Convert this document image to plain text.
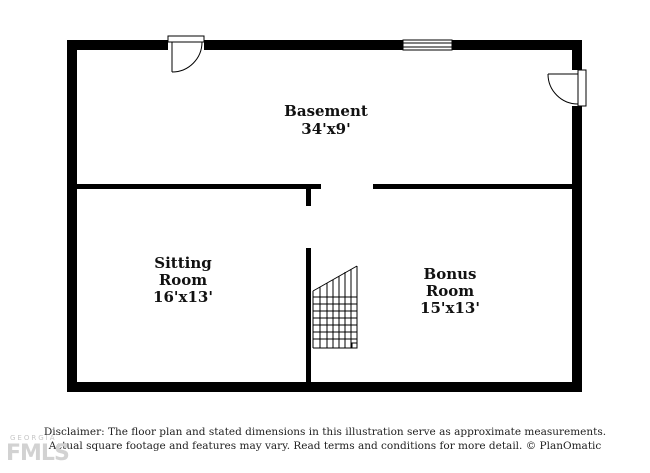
Basement
34'x9'
Sitting
Room
16'x13'
Bonus
Room
15'x13'
Disclaimer: The floor plan and stated dimensions in this illustration serve as approximate measurements.
Actual square footage and features may vary. Read terms and conditions for more detail. © PlanOmatic
GEORGIA
FMLS
